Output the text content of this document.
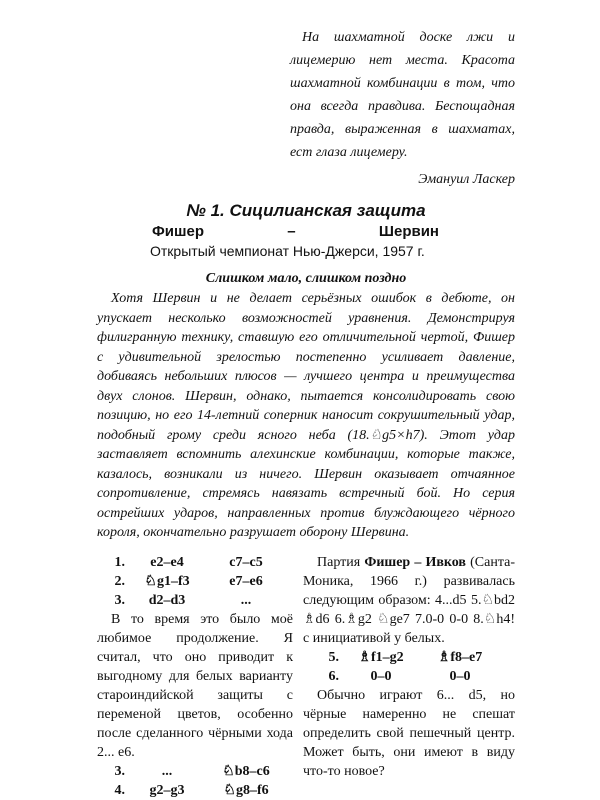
На шахматной доске лжи и лицемерию нет места. Красота шахматной комбинации в том, что она всегда правдива. Беспощадная правда, выраженная в шахматах, ест глаза лицемеру.
Эмануил Ласкер
№ 1. Сицилианская защита
Фишер	–	Шервин
Открытый чемпионат Нью-Джерси, 1957 г.
Слишком мало, слишком поздно
Хотя Шервин и не делает серьёзных ошибок в дебюте, он упускает несколько возможностей уравнения. Демонстрируя филигранную технику, ставшую его отличительной чертой, Фишер с удивительной зрелостью постепенно усиливает давление, добиваясь небольших плюсов — лучшего центра и преимущества двух слонов. Шервин, однако, пытается консолидировать свою позицию, но его 14-летний соперник наносит сокрушительный удар, подобный грому среди ясного неба (18.♘g5×h7). Этот удар заставляет вспомнить алехинские комбинации, которые также, казалось, возникали из ничего. Шервин оказывает отчаянное сопротивление, стремясь навязать встречный бой. Но серия острейших ударов, направленных против блуждающего чёрного короля, окончательно разрушает оборону Шервина.
1.	e2–e4	c7–c5
2.	♘g1–f3	e7–e6
3.	d2–d3	...
В то время это было моё любимое продолжение. Я считал, что оно приводит к выгодному для белых варианту староиндийской защиты с переменой цветов, особенно после сделанного чёрными хода 2... e6.
3.	...	♘b8–c6
4.	g2–g3	♘g8–f6
Партия Фишер – Ивков (Санта-Моника, 1966 г.) развивалась следующим образом: 4...d5 5.♘bd2 ♗d6 6.♗g2 ♘ge7 7.0-0 0-0 8.♘h4! с инициативой у белых.
5.	♗f1–g2	♗f8–e7
6.	0–0	0–0
Обычно играют 6... d5, но чёрные намеренно не спешат определить свой пешечный центр. Может быть, они имеют в виду что-то новое?
